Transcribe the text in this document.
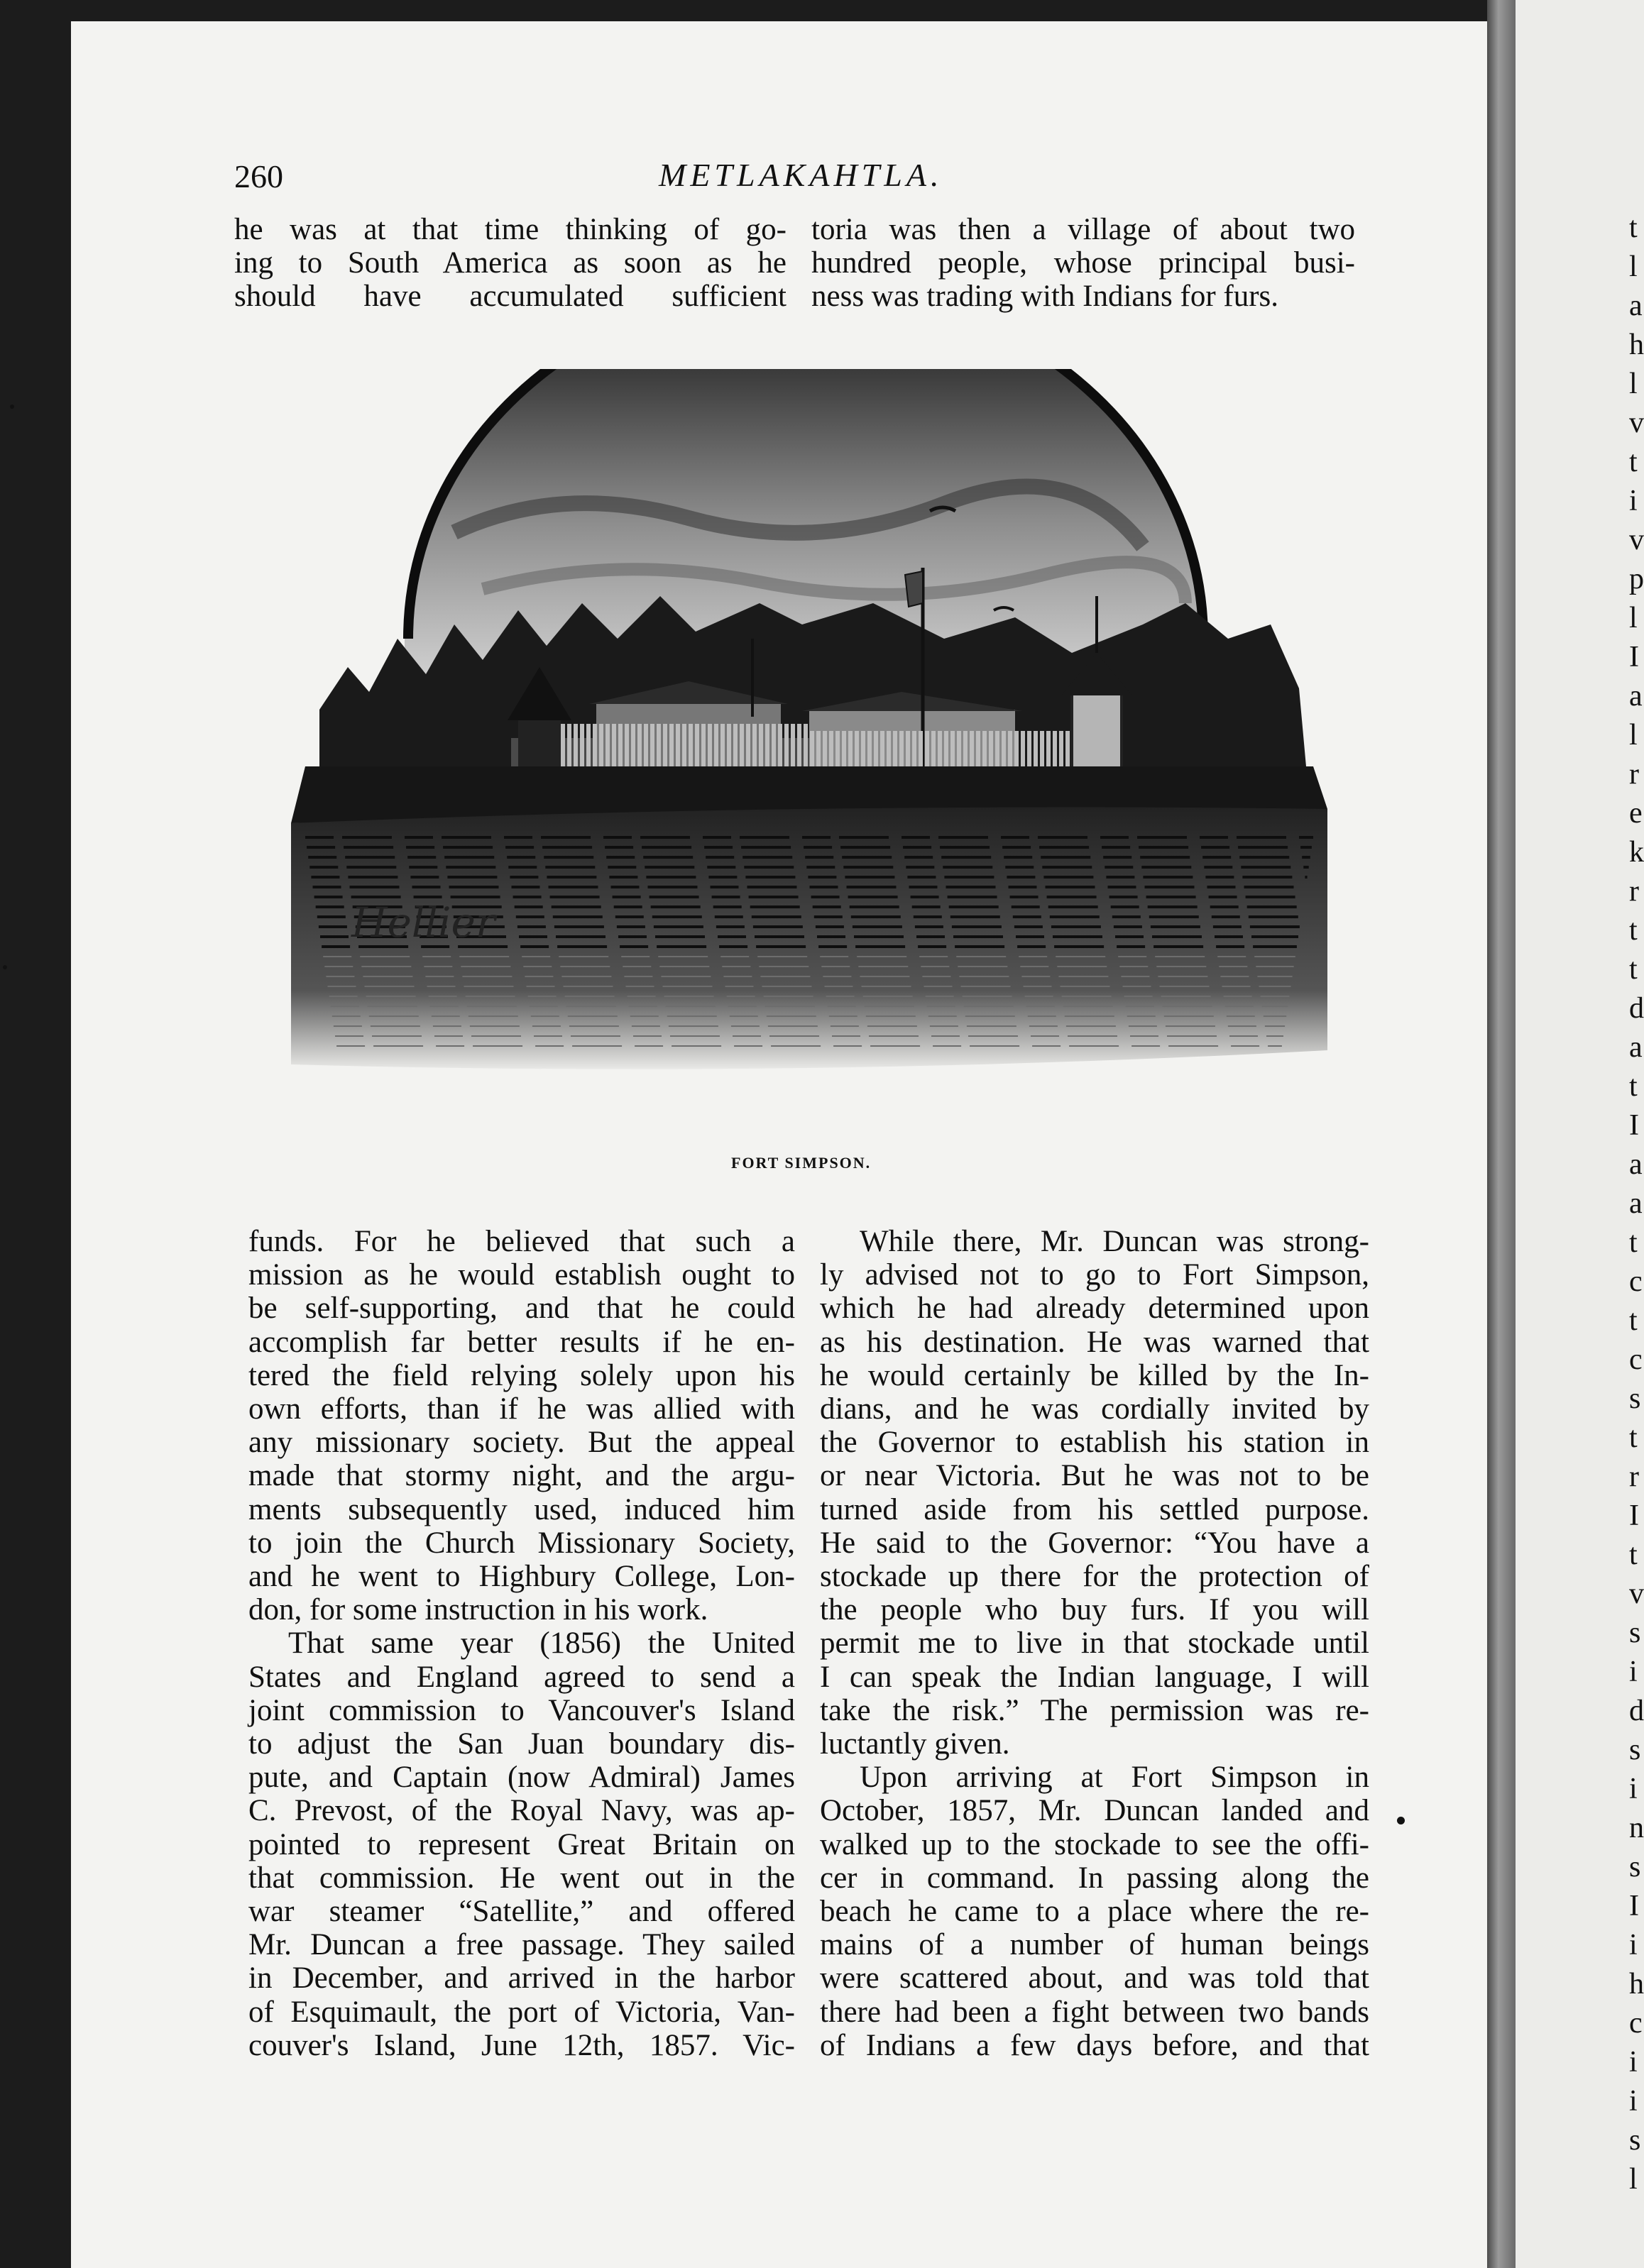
t
l
a
h
l
v
t
i
v
p
l
I
a
l
r
e
k
r
t
t
d
a
t
I
a
a
t
c
t
c
s
t
r
I
t
v
s
i
d
s
i
n
s
I
i
h
c
i
i
s
l
260	METLAKAHTLA.
he was at that time thinking of go-
ing to South America as soon as he
should have accumulated sufficient
toria was then a village of about two
hundred people, whose principal busi-
ness was trading with Indians for furs.
Hellier
FORT SIMPSON.
funds. For he believed that such a
mission as he would establish ought to
be self-supporting, and that he could
accomplish far better results if he en-
tered the field relying solely upon his
own efforts, than if he was allied with
any missionary society. But the appeal
made that stormy night, and the argu-
ments subsequently used, induced him
to join the Church Missionary Society,
and he went to Highbury College, Lon-
don, for some instruction in his work.
That same year (1856) the United
States and England agreed to send a
joint commission to Vancouver's Island
to adjust the San Juan boundary dis-
pute, and Captain (now Admiral) James
C. Prevost, of the Royal Navy, was ap-
pointed to represent Great Britain on
that commission. He went out in the
war steamer “Satellite,” and offered
Mr. Duncan a free passage. They sailed
in December, and arrived in the harbor
of Esquimault, the port of Victoria, Van-
couver's Island, June 12th, 1857. Vic-
While there, Mr. Duncan was strong-
ly advised not to go to Fort Simpson,
which he had already determined upon
as his destination. He was warned that
he would certainly be killed by the In-
dians, and he was cordially invited by
the Governor to establish his station in
or near Victoria. But he was not to be
turned aside from his settled purpose.
He said to the Governor: “You have a
stockade up there for the protection of
the people who buy furs. If you will
permit me to live in that stockade until
I can speak the Indian language, I will
take the risk.” The permission was re-
luctantly given.
Upon arriving at Fort Simpson in
October, 1857, Mr. Duncan landed and
walked up to the stockade to see the offi-
cer in command. In passing along the
beach he came to a place where the re-
mains of a number of human beings
were scattered about, and was told that
there had been a fight between two bands
of Indians a few days before, and that
